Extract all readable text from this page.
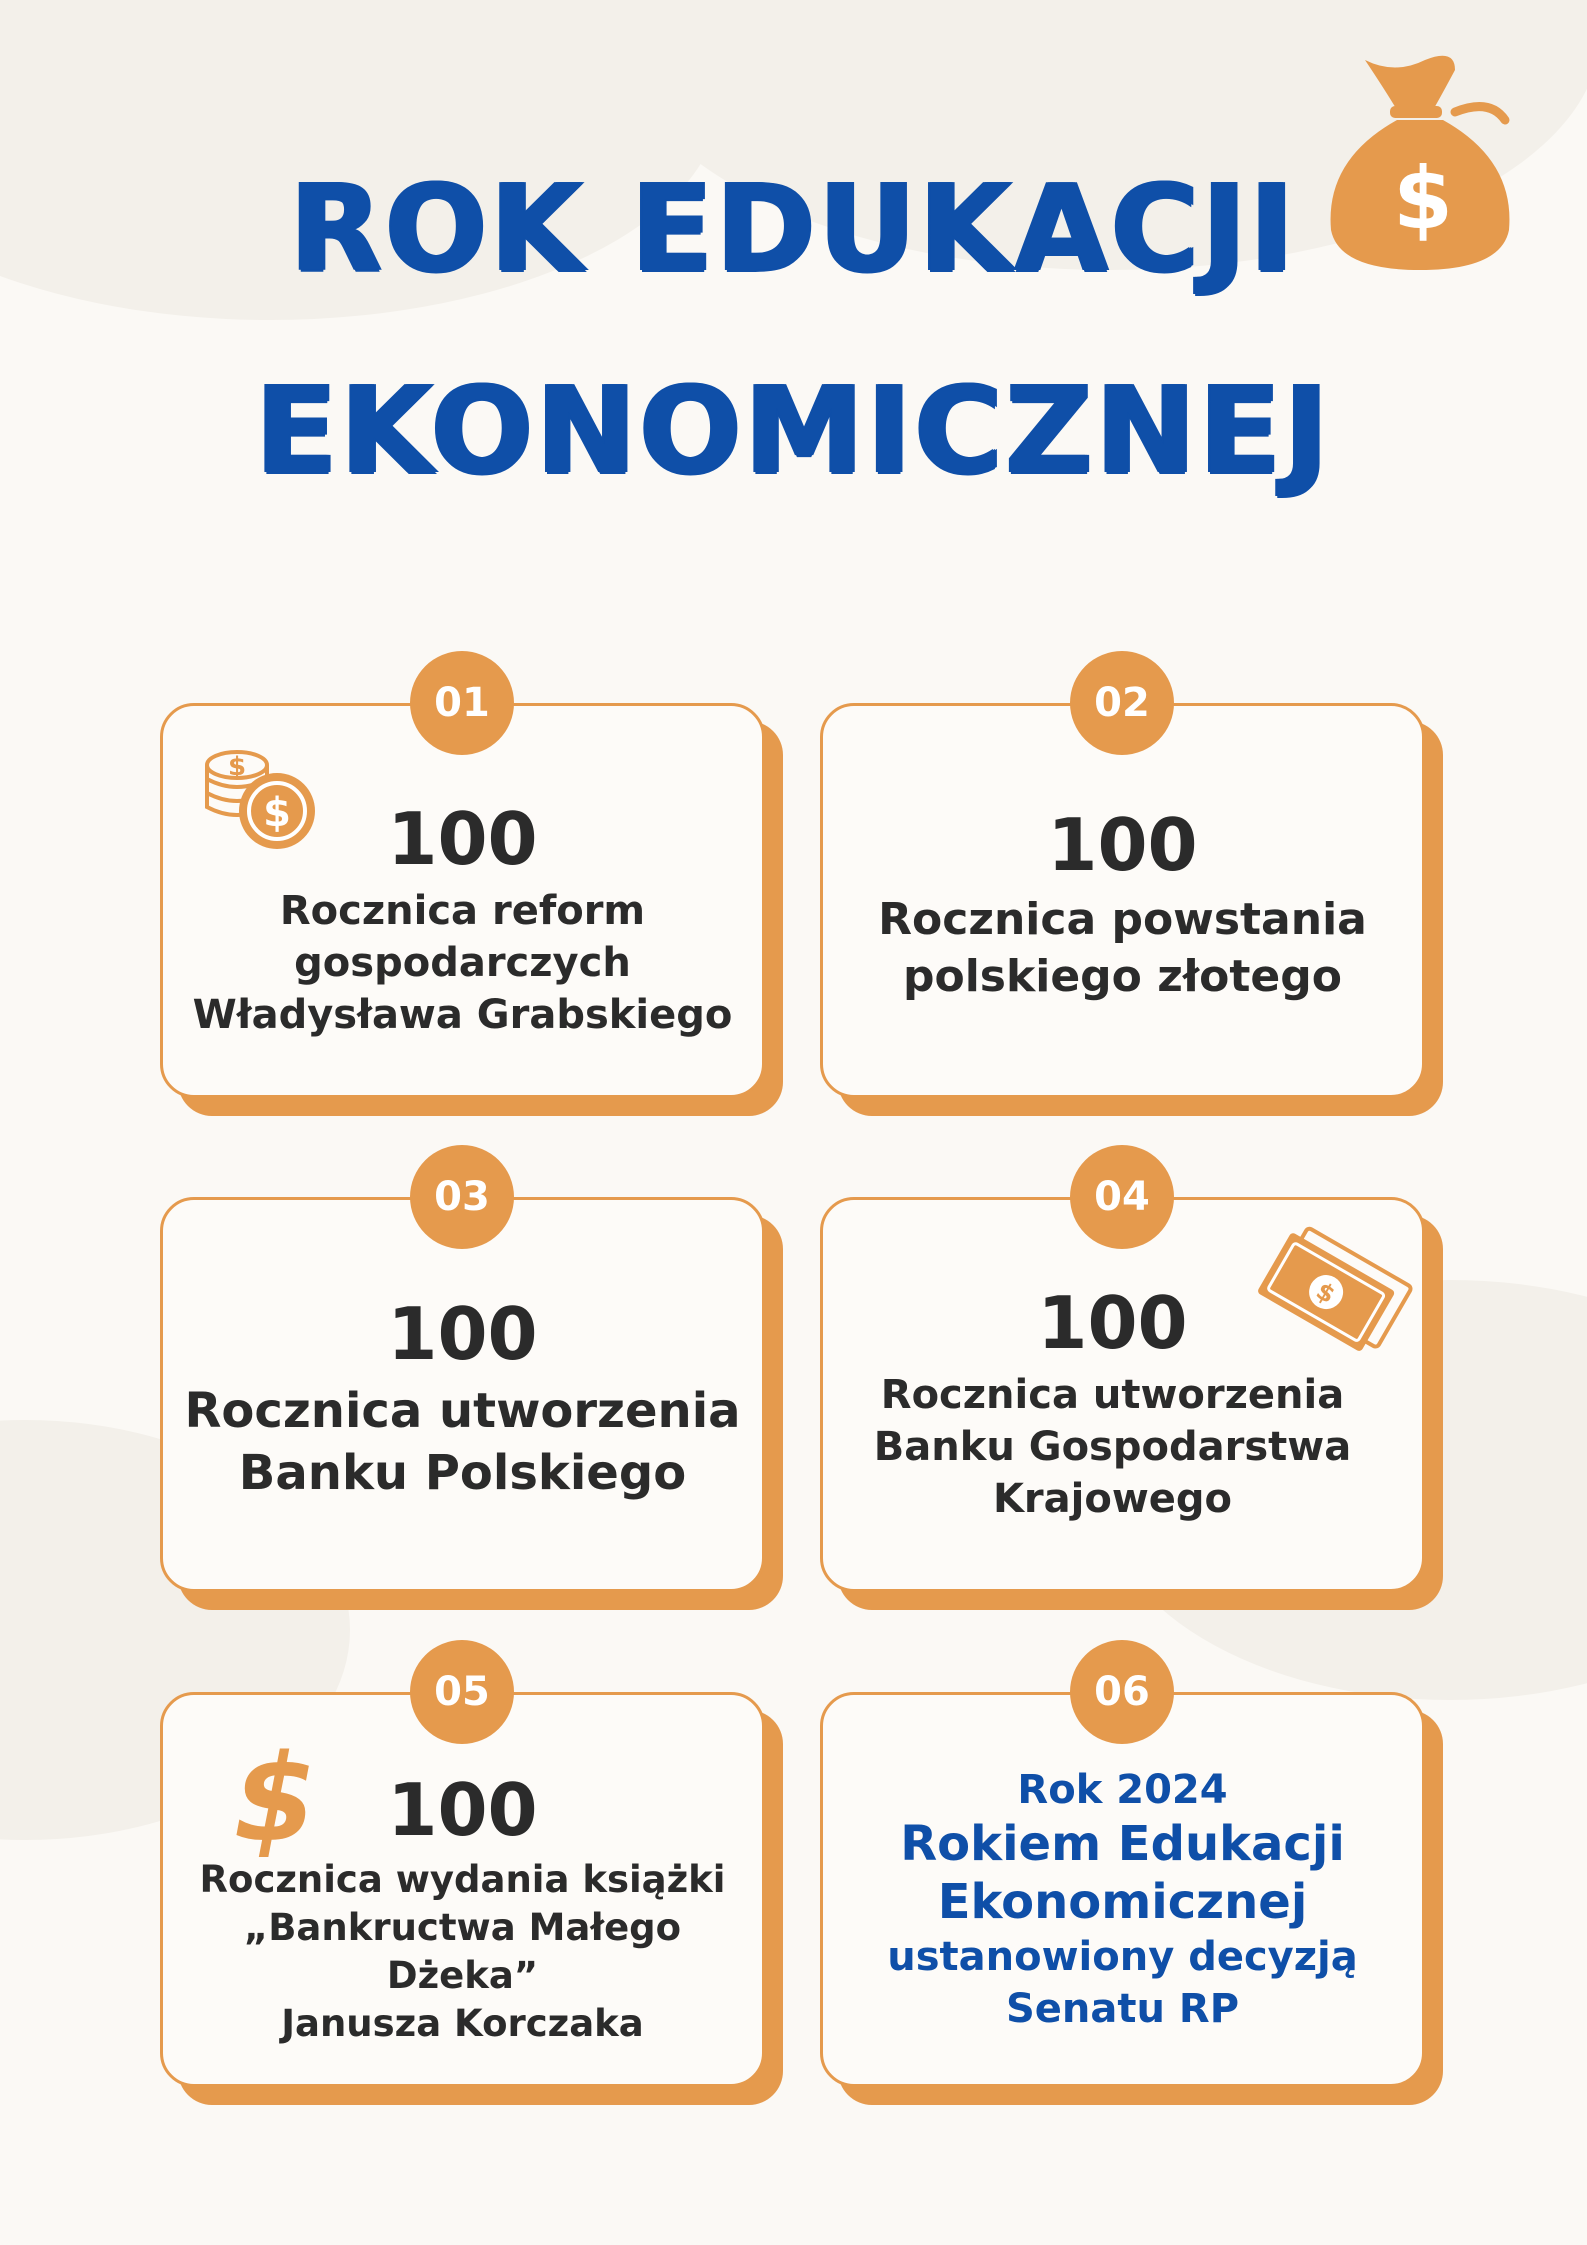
ROK EDUKACJI
EKONOMICZNEJ
$
100
Rocznica reform
gospodarczych
Władysława Grabskiego
$
$
01
100
Rocznica powstania
polskiego złotego
02
100
Rocznica utworzenia
Banku Polskiego
03
100
Rocznica utworzenia
Banku Gospodarstwa
Krajowego
$
04
100
Rocznica wydania książki
„Bankructwa Małego Dżeka”
Janusza Korczaka
$
05
Rok 2024
Rokiem Edukacji
Ekonomicznej
ustanowiony decyzją
Senatu RP
06
